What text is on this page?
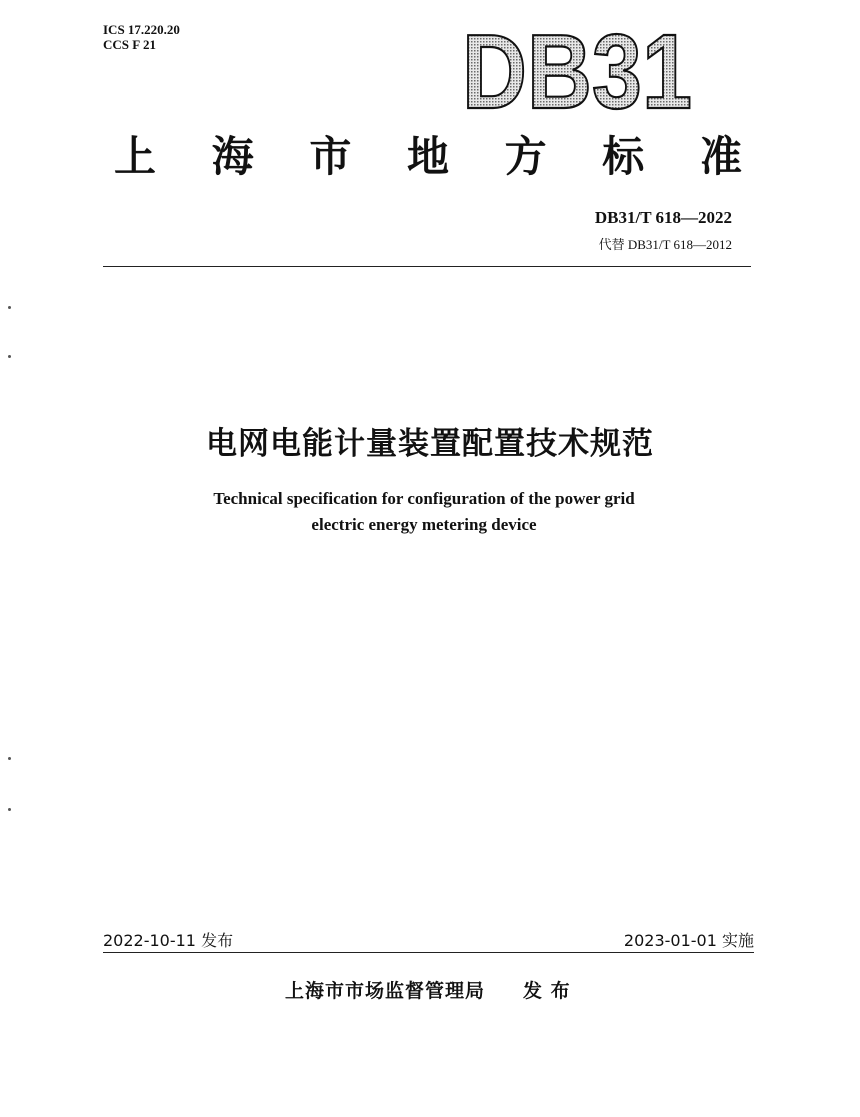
ICS 17.220.20
CCS F 21	DB31
上 海 市 地 方 标 准
DB31/T 618—2022
代替 DB31/T 618—2012
电网电能计量装置配置技术规范
Technical specification for configuration of the power grid
electric energy metering device
2022-10-11 发布	2023-01-01 实施
上海市市场监督管理局 发 布
